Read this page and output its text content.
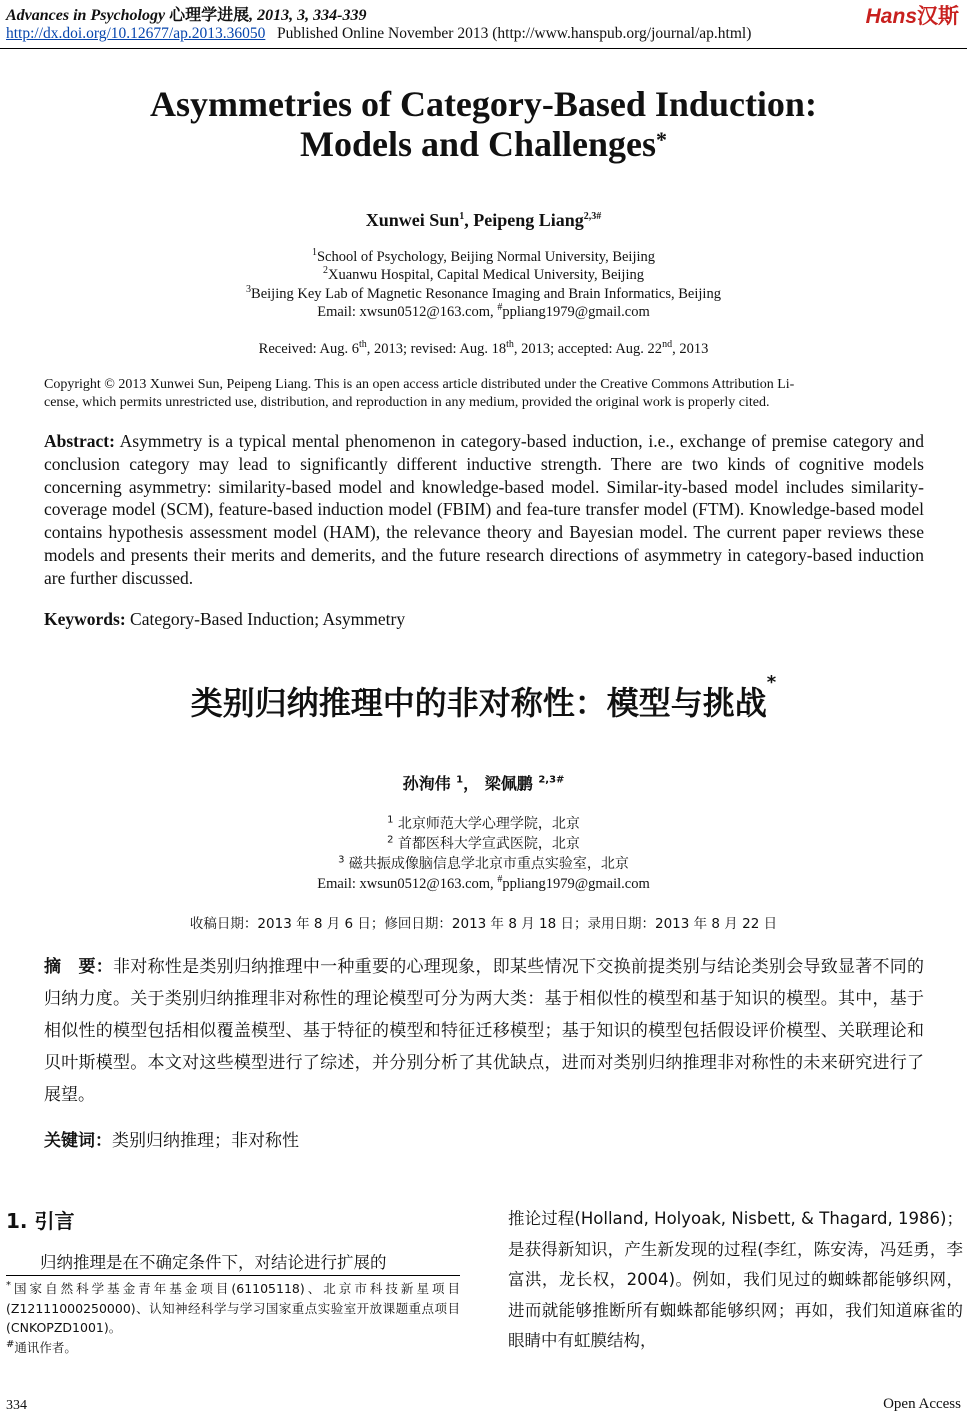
Advances in Psychology 心理学进展, 2013, 3, 334-339	Hans汉斯
http://dx.doi.org/10.12677/ap.2013.36050 Published Online November 2013 (http://www.hanspub.org/journal/ap.html)
Asymmetries of Category-Based Induction:
Models and Challenges*
Xunwei Sun$^1$, Peipeng Liang$^{2,3\#}$
$^1$School of Psychology, Beijing Normal University, Beijing
$^2$Xuanwu Hospital, Capital Medical University, Beijing
$^3$Beijing Key Lab of Magnetic Resonance Imaging and Brain Informatics, Beijing
Email: xwsun0512@163.com, #ppliang1979@gmail.com
Received: Aug. 6th, 2013; revised: Aug. 18th, 2013; accepted: Aug. 22nd, 2013
Copyright © 2013 Xunwei Sun, Peipeng Liang. This is an open access article distributed under the Creative Commons Attribution Li-
cense, which permits unrestricted use, distribution, and reproduction in any medium, provided the original work is properly cited.
Abstract: Asymmetry is a typical mental phenomenon in category-based induction, i.e., exchange of premise category and conclusion category may lead to significantly different inductive strength. There are two kinds of cognitive models concerning asymmetry: similarity-based model and knowledge-based model. Similar-ity-based model includes similarity-coverage model (SCM), feature-based induction model (FBIM) and fea-ture transfer model (FTM). Knowledge-based model contains hypothesis assessment model (HAM), the relevance theory and Bayesian model. The current paper reviews these models and presents their merits and demerits, and the future research directions of asymmetry in category-based induction are further discussed.
Keywords: Category-Based Induction; Asymmetry
类别归纳推理中的非对称性：模型与挑战*
孙洵伟 $^1$， 梁佩鹏 $^{2,3\#}$
$^1$ 北京师范大学心理学院，北京
$^2$ 首都医科大学宣武医院，北京
$^3$ 磁共振成像脑信息学北京市重点实验室，北京
Email: xwsun0512@163.com, #ppliang1979@gmail.com
收稿日期：2013 年 8 月 6 日；修回日期：2013 年 8 月 18 日；录用日期：2013 年 8 月 22 日
摘　要：非对称性是类别归纳推理中一种重要的心理现象，即某些情况下交换前提类别与结论类别会导致显著不同的归纳力度。关于类别归纳推理非对称性的理论模型可分为两大类：基于相似性的模型和基于知识的模型。其中，基于相似性的模型包括相似覆盖模型、基于特征的模型和特征迁移模型；基于知识的模型包括假设评价模型、关联理论和贝叶斯模型。本文对这些模型进行了综述，并分别分析了其优缺点，进而对类别归纳推理非对称性的未来研究进行了展望。
关键词：类别归纳推理；非对称性
1. 引言
归纳推理是在不确定条件下，对结论进行扩展的
*国家自然科学基金青年基金项目(61105118)、北京市科技新星项目(Z12111000250000)、认知神经科学与学习国家重点实验室开放课题重点项目(CNKOPZD1001)。
#通讯作者。
推论过程(Holland, Holyoak, Nisbett, & Thagard, 1986)；是获得新知识，产生新发现的过程(李红，陈安涛，冯廷勇，李富洪，龙长权，2004)。例如，我们见过的蜘蛛都能够织网，进而就能够推断所有蜘蛛都能够织网；再如，我们知道麻雀的眼睛中有虹膜结构，
334	Open Access
